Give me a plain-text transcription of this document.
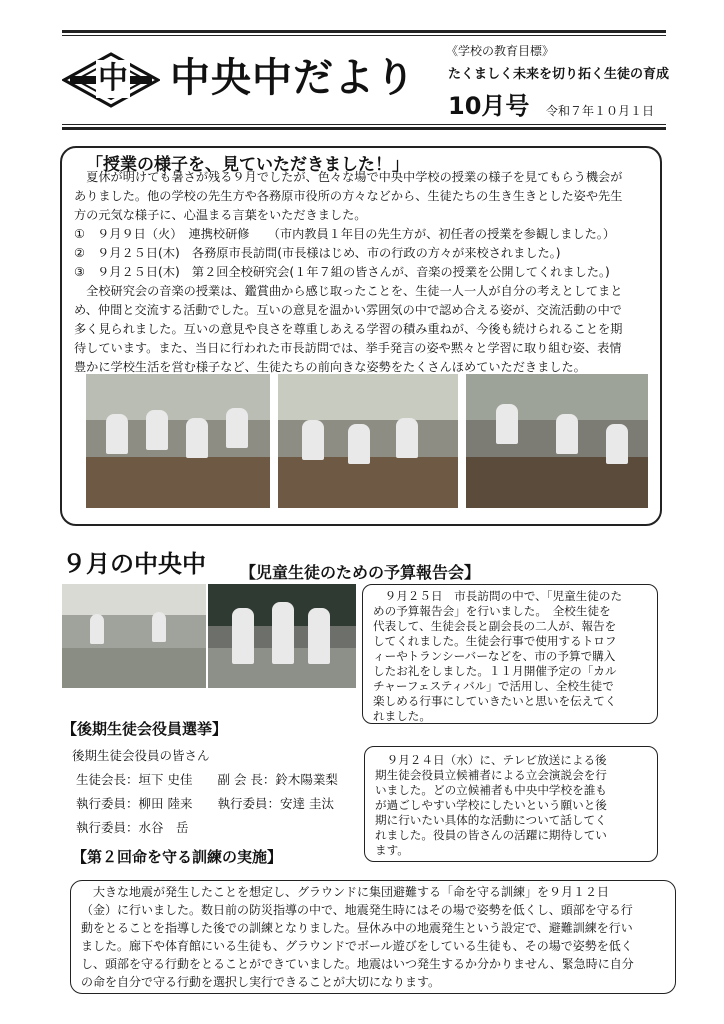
中 中央中だより
《学校の教育目標》
たくましく未来を切り拓く生徒の育成
10月号 令和７年１０月１日
「授業の様子を、見ていただきました！」
　夏休が明けても暑さが残る９月でしたが、色々な場で中央中学校の授業の様子を見てもらう機会が
ありました。他の学校の先生方や各務原市役所の方々などから、生徒たちの生き生きとした姿や先生
方の元気な様子に、心温まる言葉をいただきました。
①　９月９日（火）　連携校研修　　（市内教員１年目の先生方が、初任者の授業を参観しました。）
②　９月２５日(木)　各務原市長訪問(市長様はじめ、市の行政の方々が来校されました。)
③　９月２５日(木)　第２回全校研究会(１年７組の皆さんが、音楽の授業を公開してくれました。)
　全校研究会の音楽の授業は、鑑賞曲から感じ取ったことを、生徒一人一人が自分の考えとしてまと
め、仲間と交流する活動でした。互いの意見を温かい雰囲気の中で認め合える姿が、交流活動の中で
多く見られました。互いの意見や良さを尊重しあえる学習の積み重ねが、今後も続けられることを期
待しています。また、当日に行われた市長訪問では、挙手発言の姿や黙々と学習に取り組む姿、表情
豊かに学校生活を営む様子など、生徒たちの前向きな姿勢をたくさんほめていただきました。
９月の中央中 【児童生徒のための予算報告会】
　９月２５日　市長訪問の中で、「児童生徒のた
めの予算報告会」を行いました。　全校生徒を
代表して、生徒会長と副会長の二人が、報告を
してくれました。生徒会行事で使用するトロフ
ィーやトランシーバーなどを、市の予算で購入
したお礼をしました。１１月開催予定の「カル
チャーフェスティバル」で活用し、全校生徒で
楽しめる行事にしていきたいと思いを伝えてく
れました。
【後期生徒会役員選挙】
後期生徒会役員の皆さん
生徒会長：垣下 史佳　　副 会 長：鈴木陽業梨
執行委員：柳田 陸来　　執行委員：安達 圭汰
執行委員：水谷　岳
　９月２４日（水）に、テレビ放送による後
期生徒会役員立候補者による立会演説会を行
いました。どの立候補者も中央中学校を誰も
が過ごしやすい学校にしたいという願いと後
期に行いたい具体的な活動について話してく
れました。役員の皆さんの活躍に期待してい
ます。
【第２回命を守る訓練の実施】
　大きな地震が発生したことを想定し、グラウンドに集団避難する「命を守る訓練」を９月１２日
（金）に行いました。数日前の防災指導の中で、地震発生時にはその場で姿勢を低くし、頭部を守る行
動をとることを指導した後での訓練となりました。昼休み中の地震発生という設定で、避難訓練を行い
ました。廊下や体育館にいる生徒も、グラウンドでボール遊びをしている生徒も、その場で姿勢を低く
し、頭部を守る行動をとることができていました。地震はいつ発生するか分かりません、緊急時に自分
の命を自分で守る行動を選択し実行できることが大切になります。
